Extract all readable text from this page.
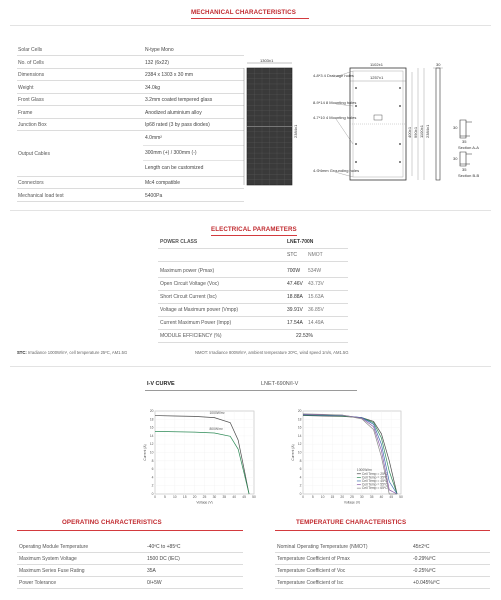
MECHANICAL CHARACTERISTICS
Solar Cells	N-type Mono
No. of Cells	132 (6x22)
Dimensions	2384 x 1303 x 30 mm
Weight	34.0kg
Front Glass	3.2mm coated tempered glass
Frame	Anodized aluminium alloy
Junction Box	Ip68 rated (3 by pass diodes)
Output Cables
4.0mm²
300mm (+) / 300mm (-)
Length can be customized
Connectors	Mc4 compatible
Mechanical load test	5400Pa
1303±1
1102±1
1257±1
4-8*3 4 Drainage holes
8-9*14 8 Mounting holes
4-7*10 4 Mounting holes
4-Φ4mm Grounding holes
400±1 990±1 1100±1 2384±1
2384±1
30
30
35
Section A-A
30
35
Section B-B
ELECTRICAL PARAMETERS
POWER CLASS	LNET-700N
STC NMOT
Maximum power (Pmax)	700W 534W
Open Circuit Voltage (Voc)	47.46V 43.73V
Short Circuit Current (Isc)	18.88A 15.63A
Voltage at Maximum power (Vmpp)	39.91V 36.85V
Current Maximum Power (Impp)	17.54A 14.49A
MODULE EFFICIENCY (%)	22.53%
STC: Irradiance 1000W/m², cell temperature 25ºC, AM1.5G	NMOT: Irradiance 800W/m², ambient temperature 20ºC, wind speed 1m/s, AM1.5G
I-V CURVE	LNET-690N/I-V
0
2
4
6
8
10
12
14
16
18
20
0 5 10 15 20 25 30 35 40 45 50
Voltage (V)
Current (A)
1000W/m²
800W/m²
0
2
4
6
8
10
12
14
16
18
20
0 5 10 15 20 25 30 35 40 45 50
Voltage (V)
Current (A)
1000W/m²
Cell Temp = 25ºC
Cell Temp = 35ºC
Cell Temp = 45ºC
Cell Temp = 55ºC
Cell Temp = 65ºC
OPERATING CHARACTERISTICS
Operating Module Temperature	-40ºC to +85ºC
Maximum System Voltage	1500 DC (IEC)
Maximum Series Fuse Rating	35A
Power Tolerance	0/+5W
TEMPERATURE CHARACTERISTICS
Nominal Operating Temperature (NMOT)	45±2ºC
Temperature Coefficient of Pmax	-0.29%/ºC
Temperature Coefficient of Voc	-0.25%/ºC
Temperature Coefficient of Isc	+0.045%/ºC
